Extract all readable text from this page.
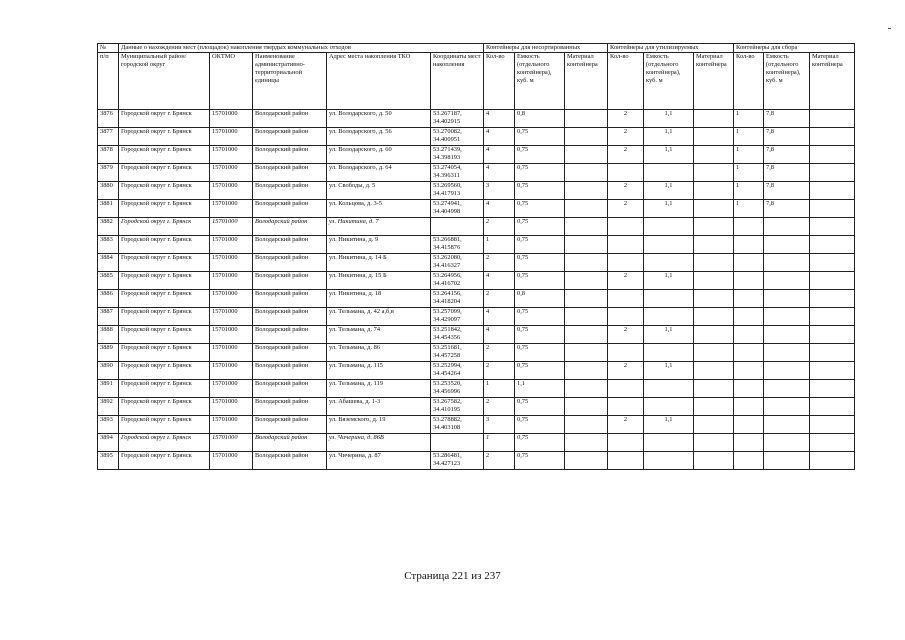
№	Данные о нахождении мест (площадок) накопления твердых коммунальных отходов					Контейнеры для несортированных			Контейнеры для утилизируемых			Контейнеры для сбора		
п/п	Муниципальный район/городской округ	ОКТМО	Наименование административно-территориальной единицы	Адрес места накопления ТКО	Координаты мест накопления	Кол-во	Емкость (отдельного контейнера), куб. м	Материал контейнера	Кол-во	Емкость (отдельного контейнера), куб. м	Материал контейнера	Кол-во	Емкость (отдельного контейнера), куб. м	Материал контейнера
3876	Городской округ г. Брянск	15701000	Володарский район	ул. Володарского, д. 50	53.267187, 34.402915	4	0,8		2	1,1		1	7,8	
3877	Городской округ г. Брянск	15701000	Володарский район	ул. Володарского, д. 56	53.270082, 34.400951	4	0,75		2	1,1		1	7,8	
3878	Городской округ г. Брянск	15701000	Володарский район	ул. Володарского, д. 60	53.271439, 34.398193	4	0,75		2	1,1		1	7,8	
3879	Городской округ г. Брянск	15701000	Володарский район	ул. Володарского, д. 64	53.274054, 34.396311	4	0,75					1	7,8	
3880	Городской округ г. Брянск	15701000	Володарский район	ул. Свободы, д. 5	53.269560, 34.417913	3	0,75		2	1,1		1	7,8	
3881	Городской округ г. Брянск	15701000	Володарский район	ул. Кольцова, д. 3-5	53.274941, 34.404998	4	0,75		2	1,1		1	7,8	
3882	Городской округ г. Брянск	15701000	Володарский район	ул. Никитина, д. 7		2	0,75							
3883	Городской округ г. Брянск	15701000	Володарский район	ул. Никитина, д. 9	53.266881, 34.415876	1	0,75							
3884	Городской округ г. Брянск	15701000	Володарский район	ул. Никитина, д. 14 Б	53.262080, 34.416327	2	0,75							
3885	Городской округ г. Брянск	15701000	Володарский район	ул. Никитина, д. 15 Б	53.264956, 34.416702	4	0,75		2	1,1				
3886	Городской округ г. Брянск	15701000	Володарский район	ул. Никитина, д. 18	53.264156, 34.418204	2	0,8							
3887	Городской округ г. Брянск	15701000	Володарский район	ул. Тельмана, д. 42 а,б,в	53.257099, 34.429097	4	0,75							
3888	Городской округ г. Брянск	15701000	Володарский район	ул. Тельмана, д. 74	53.251842, 34.454356	4	0,75		2	1,1				
3889	Городской округ г. Брянск	15701000	Володарский район	ул. Тельмана, д. 86	53.251681, 34.457258	2	0,75							
3890	Городской округ г. Брянск	15701000	Володарский район	ул. Тельмана, д. 115	53.252994, 34.454264	2	0,75		2	1,1				
3891	Городской округ г. Брянск	15701000	Володарский район	ул. Тельмана, д. 119	53.253520, 34.456996	1	1,1							
3892	Городской округ г. Брянск	15701000	Володарский район	ул. Абашева, д. 1-3	53.267582, 34.410195	2	0,75							
3893	Городской округ г. Брянск	15701000	Володарский район	ул. Вяземского, д. 19	53.278882, 34.403108	3	0,75		2	1,1				
3894	Городской округ г. Брянск	15701000	Володарский район	ул. Чичерина, д. 86В		1	0,75							
3895	Городской округ г. Брянск	15701000	Володарский район	ул. Чичерина, д. 87	53.286481, 34.427123	2	0,75							
Страница 221 из 237
